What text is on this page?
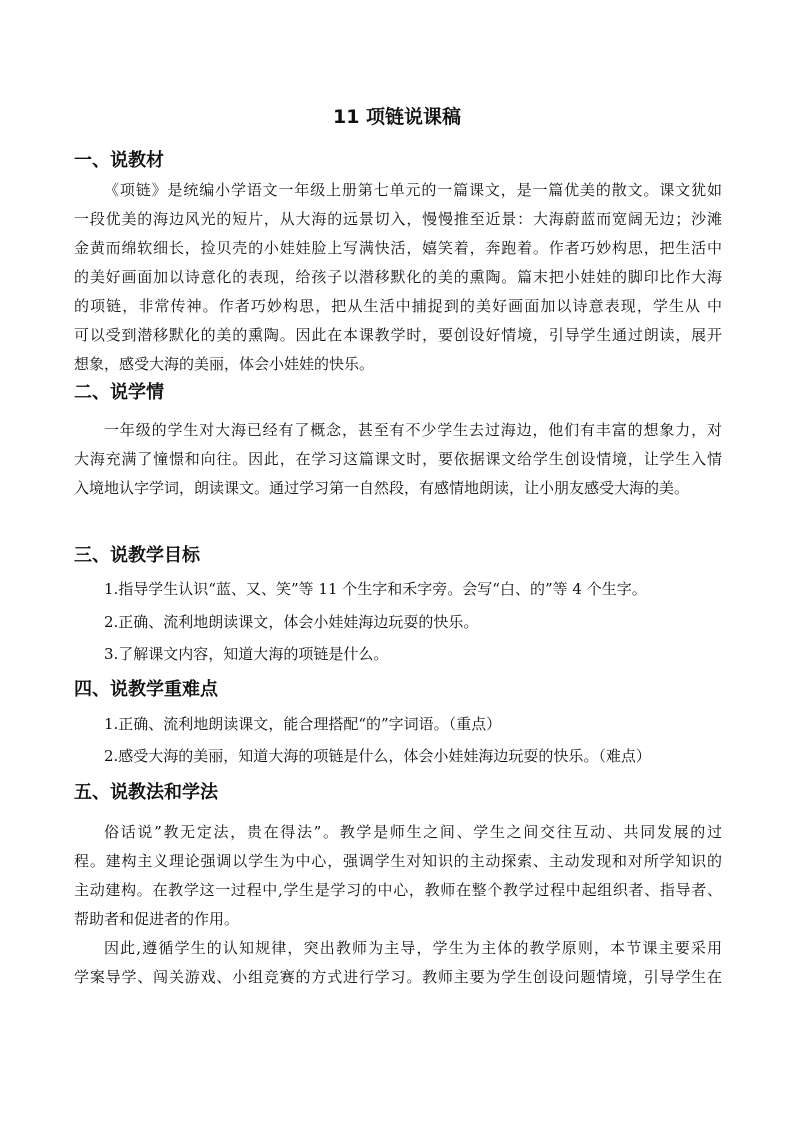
11 项链说课稿
一、说教材
《项链》是统编小学语文一年级上册第七单元的一篇课文，是一篇优美的散文。课文犹如
一段优美的海边风光的短片，从大海的远景切入，慢慢推至近景：大海蔚蓝而宽阔无边；沙滩
金黄而绵软细长，捡贝壳的小娃娃脸上写满快活，嬉笑着，奔跑着。作者巧妙构思，把生活中
的美好画面加以诗意化的表现，给孩子以潜移默化的美的熏陶。篇末把小娃娃的脚印比作大海
的项链，非常传神。作者巧妙构思，把从生活中捕捉到的美好画面加以诗意表现，学生从 中
可以受到潜移默化的美的熏陶。因此在本课教学时，要创设好情境，引导学生通过朗读，展开
想象，感受大海的美丽，体会小娃娃的快乐。
二、说学情
一年级的学生对大海已经有了概念，甚至有不少学生去过海边，他们有丰富的想象力，对
大海充满了憧憬和向往。因此，在学习这篇课文时，要依据课文给学生创设情境，让学生入情
入境地认字学词，朗读课文。通过学习第一自然段，有感情地朗读，让小朋友感受大海的美。
三、说教学目标
1.指导学生认识“蓝、又、笑”等 11 个生字和禾字旁。会写“白、的”等 4 个生字。
2.正确、流利地朗读课文，体会小娃娃海边玩耍的快乐。
3.了解课文内容，知道大海的项链是什么。
四、说教学重难点
1.正确、流利地朗读课文，能合理搭配“的”字词语。（重点）
2.感受大海的美丽，知道大海的项链是什么，体会小娃娃海边玩耍的快乐。（难点）
五、说教法和学法
俗话说”教无定法，贵在得法”。教学是师生之间、学生之间交往互动、共同发展的过
程。建构主义理论强调以学生为中心，强调学生对知识的主动探索、主动发现和对所学知识的
主动建构。在教学这一过程中,学生是学习的中心，教师在整个教学过程中起组织者、指导者、
帮助者和促进者的作用。
因此,遵循学生的认知规律，突出教师为主导，学生为主体的教学原则，本节课主要采用
学案导学、闯关游戏、小组竞赛的方式进行学习。教师主要为学生创设问题情境，引导学生在
